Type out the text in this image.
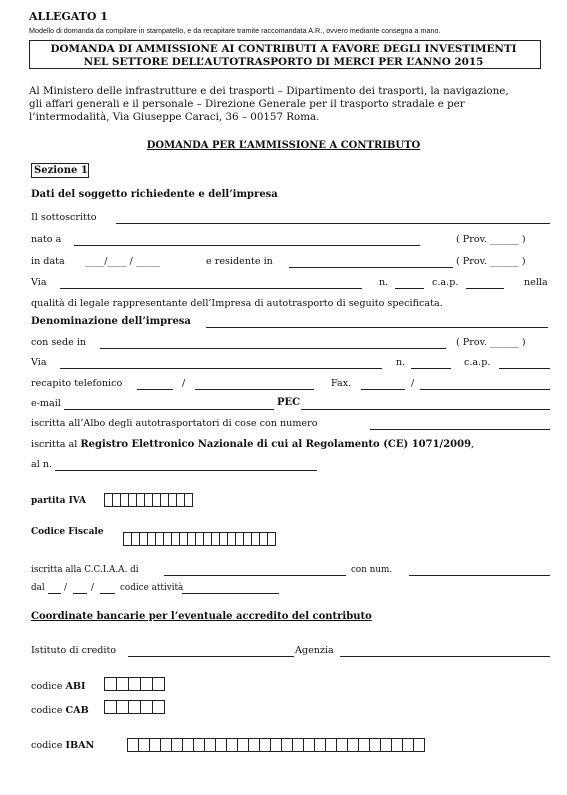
ALLEGATO 1
Modello di domanda da compilare in stampatello, e da recapitare tramite raccomandata A.R., ovvero mediante consegna a mano.
DOMANDA DI AMMISSIONE AI CONTRIBUTI A FAVORE DEGLI INVESTIMENTI
NEL SETTORE DELL’AUTOTRASPORTO DI MERCI PER L’ANNO 2015
Al Ministero delle infrastrutture e dei trasporti – Dipartimento dei trasporti, la navigazione,
gli affari generali e il personale – Direzione Generale per il trasporto stradale e per
l’intermodalità, Via Giuseppe Caraci, 36 – 00157 Roma.
DOMANDA PER L’AMMISSIONE A CONTRIBUTO
Sezione 1
Dati del soggetto richiedente e dell’impresa
Il sottoscritto
nato a	( Prov. ______ )
in data ____/____ / _____	e residente in	( Prov. ______ )
Via	n.	c.a.p.	nella
qualità di legale rappresentante dell’Impresa di autotrasporto di seguito specificata.
Denominazione dell’impresa
con sede in	( Prov. ______ )
Via	n.	c.a.p.
recapito telefonico	/	Fax.	/
e-mail	PEC
iscritta all’Albo degli autotrasportatori di cose con numero
iscritta al Registro Elettronico Nazionale di cui al Regolamento (CE) 1071/2009,
al n.
partita IVA
Codice Fiscale
iscritta alla C.C.I.A.A. di	con num.
dal /	/	codice attività
Coordinate bancarie per l’eventuale accredito del contributo
Istituto di credito	Agenzia
codice ABI
codice CAB
codice IBAN
